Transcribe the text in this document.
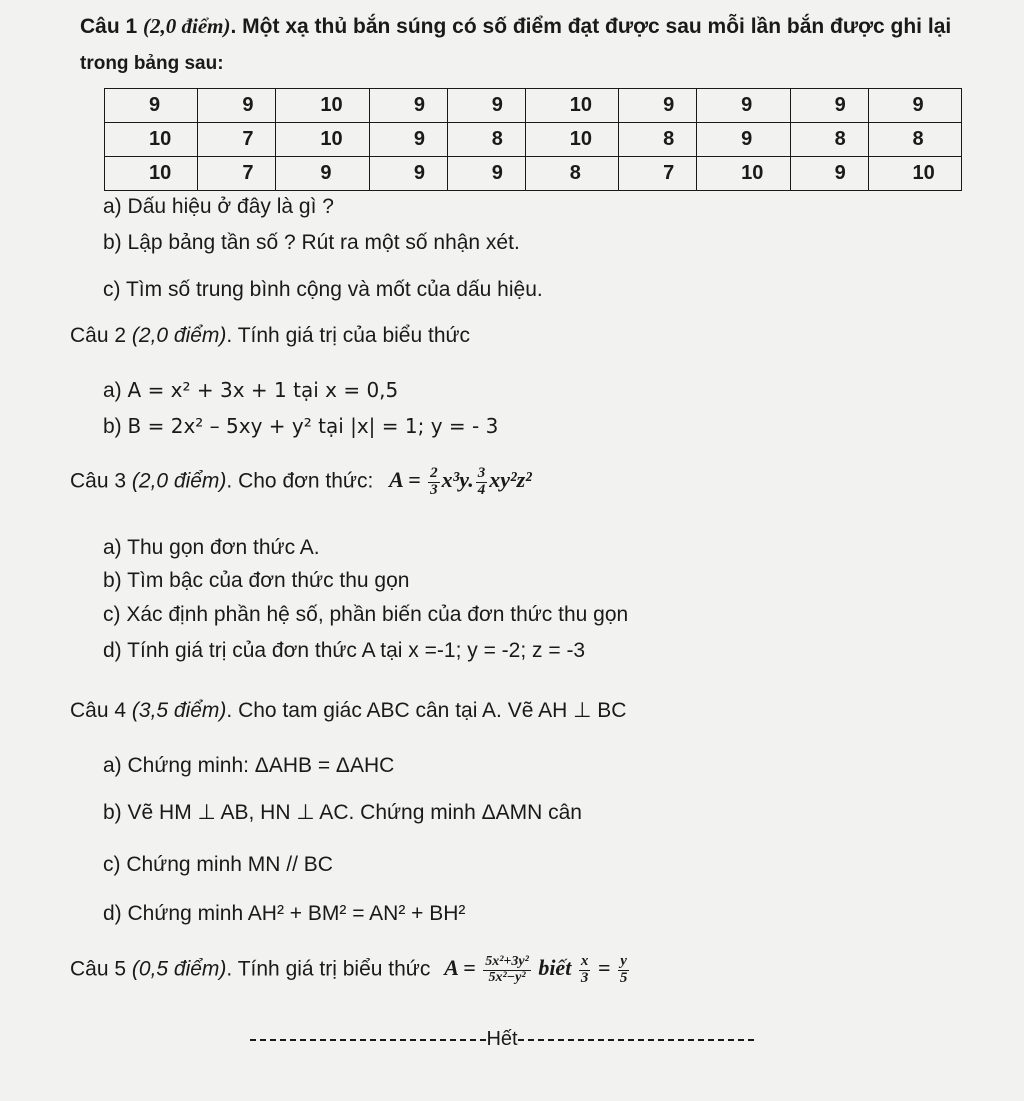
Câu 1 (2,0 điểm). Một xạ thủ bắn súng có số điểm đạt được sau mỗi lần bắn được ghi lại
trong bảng sau:
9	9	10	9	9	10	9	9	9	9
10	7	10	9	8	10	8	9	8	8
10	7	9	9	9	8	7	10	9	10
a) Dấu hiệu ở đây là gì ?
b) Lập bảng tần số ? Rút ra một số nhận xét.
c) Tìm số trung bình cộng và mốt của dấu hiệu.
Câu 2 (2,0 điểm). Tính giá trị của biểu thức
a) A = x² + 3x + 1 tại x = 0,5
b) B = 2x² – 5xy + y² tại |x| = 1; y = - 3
Câu 3 (2,0 điểm). Cho đơn thức: $A = \frac{2}{3} x^3y$. $\frac{3}{4} xy^2z^2$
a) Thu gọn đơn thức A.
b) Tìm bậc của đơn thức thu gọn
c) Xác định phần hệ số, phần biến của đơn thức thu gọn
d) Tính giá trị của đơn thức A tại x =-1; y = -2; z = -3
Câu 4 (3,5 điểm). Cho tam giác ABC cân tại A. Vẽ AH ⊥ BC
a) Chứng minh: ΔAHB = ΔAHC
b) Vẽ HM ⊥ AB, HN ⊥ AC. Chứng minh ΔAMN cân
c) Chứng minh MN // BC
d) Chứng minh AH² + BM² = AN² + BH²
Câu 5 (0,5 điểm). Tính giá trị biểu thức $A = \frac{\text{5x²+3y²}}{\text{5x²−y²}}$ biết $\frac{x}{3} = \frac{y}{5}$
Hết
